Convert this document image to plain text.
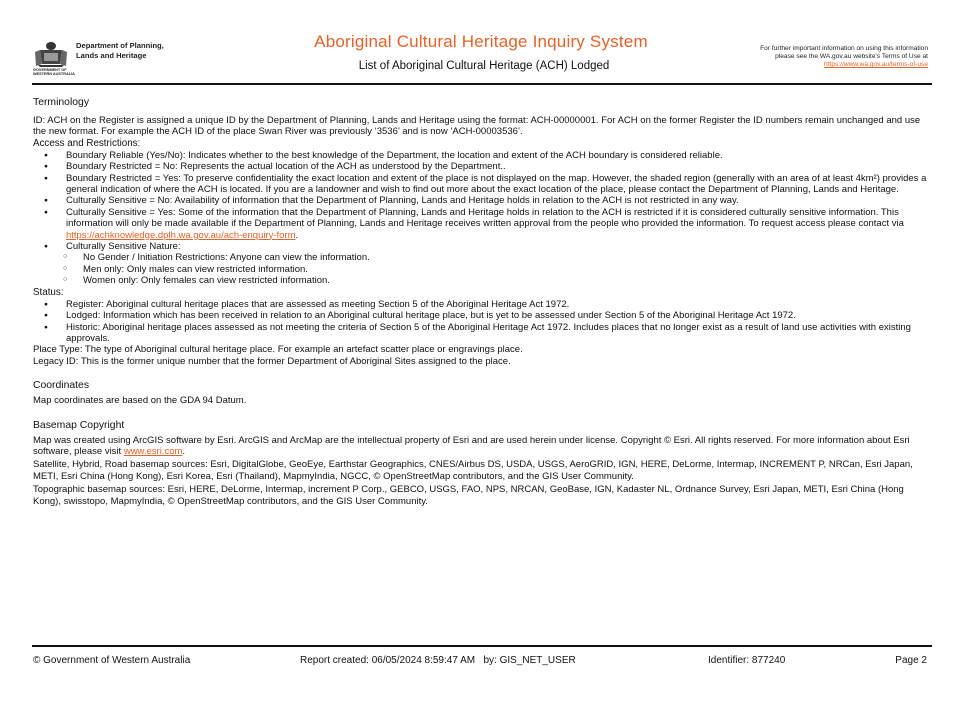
Department of Planning,
Lands and Heritage
GOVERNMENT OF
WESTERN AUSTRALIA
Aboriginal Cultural Heritage Inquiry System
List of Aboriginal Cultural Heritage (ACH) Lodged
For further important information on using this information
please see the WA.gov.au website's Terms of Use at
https://www.wa.gov.au/terms-of-use
Terminology

ID: ACH on the Register is assigned a unique ID by the Department of Planning, Lands and Heritage using the format: ACH-00000001. For ACH on the former Register the ID numbers remain unchanged and use the new format. For example the ACH ID of the place Swan River was previously ‘3536’ and is now ‘ACH-00003536’.

Access and Restrictions:
● Boundary Reliable (Yes/No): Indicates whether to the best knowledge of the Department, the location and extent of the ACH boundary is considered reliable.
● Boundary Restricted = No: Represents the actual location of the ACH as understood by the Department..
● Boundary Restricted = Yes: To preserve confidentiality the exact location and extent of the place is not displayed on the map. However, the shaded region (generally with an area of at least 4km²) provides a general indication of where the ACH is located. If you are a landowner and wish to find out more about the exact location of the place, please contact the Department of Planning, Lands and Heritage.
● Culturally Sensitive = No: Availability of information that the Department of Planning, Lands and Heritage holds in relation to the ACH is not restricted in any way.
● Culturally Sensitive = Yes: Some of the information that the Department of Planning, Lands and Heritage holds in relation to the ACH is restricted if it is considered culturally sensitive information. This information will only be made available if the Department of Planning, Lands and Heritage receives written approval from the people who provided the information. To request access please contact via https://achknowledge.dplh.wa.gov.au/ach-enquiry-form.
● Culturally Sensitive Nature:
○ No Gender / Initiation Restrictions: Anyone can view the information.
○ Men only: Only males can view restricted information.
○ Women only: Only females can view restricted information.
Status:
● Register: Aboriginal cultural heritage places that are assessed as meeting Section 5 of the Aboriginal Heritage Act 1972.
● Lodged: Information which has been received in relation to an Aboriginal cultural heritage place, but is yet to be assessed under Section 5 of the Aboriginal Heritage Act 1972.
● Historic: Aboriginal heritage places assessed as not meeting the criteria of Section 5 of the Aboriginal Heritage Act 1972. Includes places that no longer exist as a result of land use activities with existing approvals.

Place Type: The type of Aboriginal cultural heritage place. For example an artefact scatter place or engravings place.

Legacy ID: This is the former unique number that the former Department of Aboriginal Sites assigned to the place.

Coordinates

Map coordinates are based on the GDA 94 Datum.

Basemap Copyright

Map was created using ArcGIS software by Esri. ArcGIS and ArcMap are the intellectual property of Esri and are used herein under license. Copyright © Esri. All rights reserved. For more information about Esri software, please visit www.esri.com.

Satellite, Hybrid, Road basemap sources: Esri, DigitalGlobe, GeoEye, Earthstar Geographics, CNES/Airbus DS, USDA, USGS, AeroGRID, IGN, HERE, DeLorme, Intermap, INCREMENT P, NRCan, Esri Japan, METI, Esri China (Hong Kong), Esri Korea, Esri (Thailand), MapmyIndia, NGCC, © OpenStreetMap contributors, and the GIS User Community.

Topographic basemap sources: Esri, HERE, DeLorme, Intermap, increment P Corp., GEBCO, USGS, FAO, NPS, NRCAN, GeoBase, IGN, Kadaster NL, Ordnance Survey, Esri Japan, METI, Esri China (Hong Kong), swisstopo, MapmyIndia, © OpenStreetMap contributors, and the GIS User Community.

© Government of Western Australia	Report created: 06/05/2024 8:59:47 AM   by: GIS_NET_USER	Identifier: 877240	Page 2
